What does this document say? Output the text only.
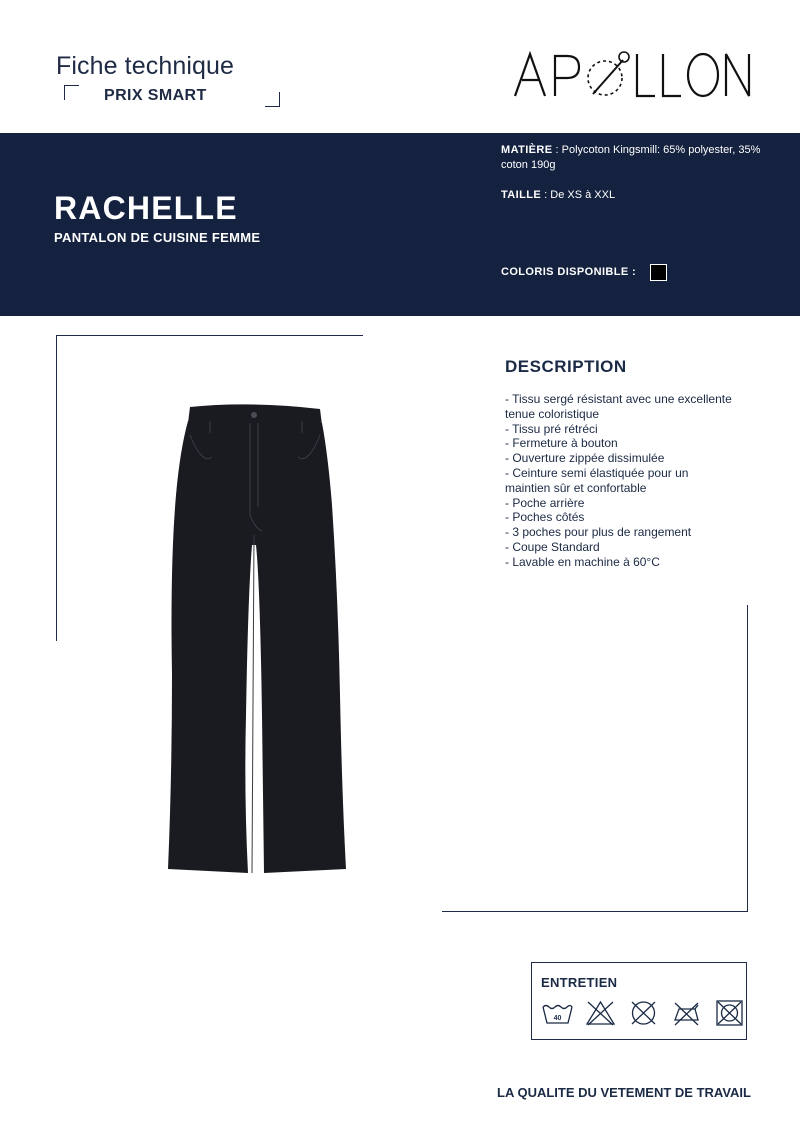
Fiche technique
PRIX SMART
RACHELLE
PANTALON DE CUISINE FEMME
MATIÈRE : Polycoton Kingsmill: 65% polyester, 35% coton 190g
TAILLE : De XS à XXL
COLORIS DISPONIBLE :
DESCRIPTION
- Tissu sergé résistant avec une excellente tenue coloristique
- Tissu pré rétréci
- Fermeture à bouton
- Ouverture zippée dissimulée
- Ceinture semi élastiquée pour un maintien sûr et confortable
- Poche arrière
- Poches côtés
- 3 poches pour plus de rangement
- Coupe Standard
- Lavable en machine à 60°C
ENTRETIEN
40
LA QUALITE DU VETEMENT DE TRAVAIL
